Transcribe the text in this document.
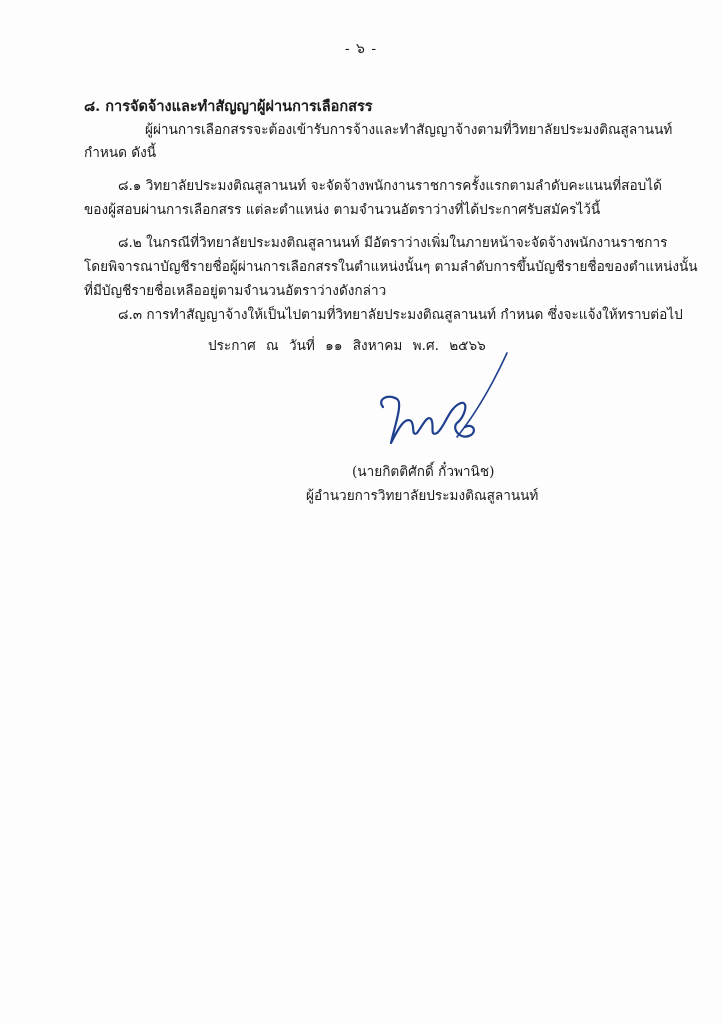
- ๖ -
๘. การจัดจ้างและทำสัญญาผู้ผ่านการเลือกสรร
ผู้ผ่านการเลือกสรรจะต้องเข้ารับการจ้างและทำสัญญาจ้างตามที่วิทยาลัยประมงติณสูลานนท์
กำหนด ดังนี้
๘.๑ วิทยาลัยประมงติณสูลานนท์ จะจัดจ้างพนักงานราชการครั้งแรกตามลำดับคะแนนที่สอบได้
ของผู้สอบผ่านการเลือกสรร แต่ละตำแหน่ง ตามจำนวนอัตราว่างที่ได้ประกาศรับสมัครไว้นี้
๘.๒ ในกรณีที่วิทยาลัยประมงติณสูลานนท์ มีอัตราว่างเพิ่มในภายหน้าจะจัดจ้างพนักงานราชการ
โดยพิจารณาบัญชีรายชื่อผู้ผ่านการเลือกสรรในตำแหน่งนั้นๆ ตามลำดับการขึ้นบัญชีรายชื่อของตำแหน่งนั้น
ที่มีบัญชีรายชื่อเหลืออยู่ตามจำนวนอัตราว่างดังกล่าว
๘.๓ การทำสัญญาจ้างให้เป็นไปตามที่วิทยาลัยประมงติณสูลานนท์ กำหนด ซึ่งจะแจ้งให้ทราบต่อไป
ประกาศ ณ วันที่ ๑๑ สิงหาคม พ.ศ. ๒๕๖๖
(นายกิตติศักดิ์ กั๋วพานิช)
ผู้อำนวยการวิทยาลัยประมงติณสูลานนท์
